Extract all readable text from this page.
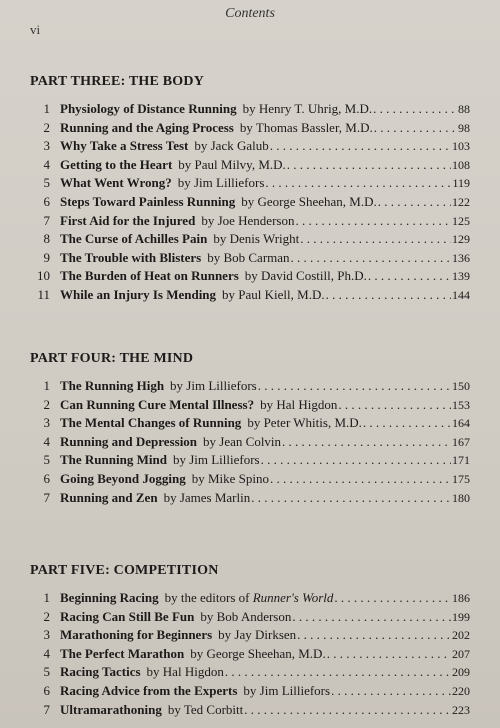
Contents
vi
PART THREE: THE BODY
1 Physiology of Distance Running by Henry T. Uhrig, M.D. . . .	88
2 Running and the Aging Process by Thomas Bassler, M.D. . . .	98
3 Why Take a Stress Test by Jack Galub . . .	103
4 Getting to the Heart by Paul Milvy, M.D. . . .	108
5 What Went Wrong? by Jim Lilliefors . . .	119
6 Steps Toward Painless Running by George Sheehan, M.D. . . .	122
7 First Aid for the Injured by Joe Henderson . . .	125
8 The Curse of Achilles Pain by Denis Wright . . .	129
9 The Trouble with Blisters by Bob Carman . . .	136
10 The Burden of Heat on Runners by David Costill, Ph.D. . . .	139
11 While an Injury Is Mending by Paul Kiell, M.D. . . .	144
PART FOUR: THE MIND
1 The Running High by Jim Lilliefors . . .	150
2 Can Running Cure Mental Illness? by Hal Higdon . . .	153
3 The Mental Changes of Running by Peter Whitis, M.D. . . .	164
4 Running and Depression by Jean Colvin . . .	167
5 The Running Mind by Jim Lilliefors . . .	171
6 Going Beyond Jogging by Mike Spino . . .	175
7 Running and Zen by James Marlin . . .	180
PART FIVE: COMPETITION
1 Beginning Racing by the editors of Runner's World . . .	186
2 Racing Can Still Be Fun by Bob Anderson . . .	199
3 Marathoning for Beginners by Jay Dirksen . . .	202
4 The Perfect Marathon by George Sheehan, M.D. . . .	207
5 Racing Tactics by Hal Higdon . . .	209
6 Racing Advice from the Experts by Jim Lilliefors . . .	220
7 Ultramarathoning by Ted Corbitt . . .	223
